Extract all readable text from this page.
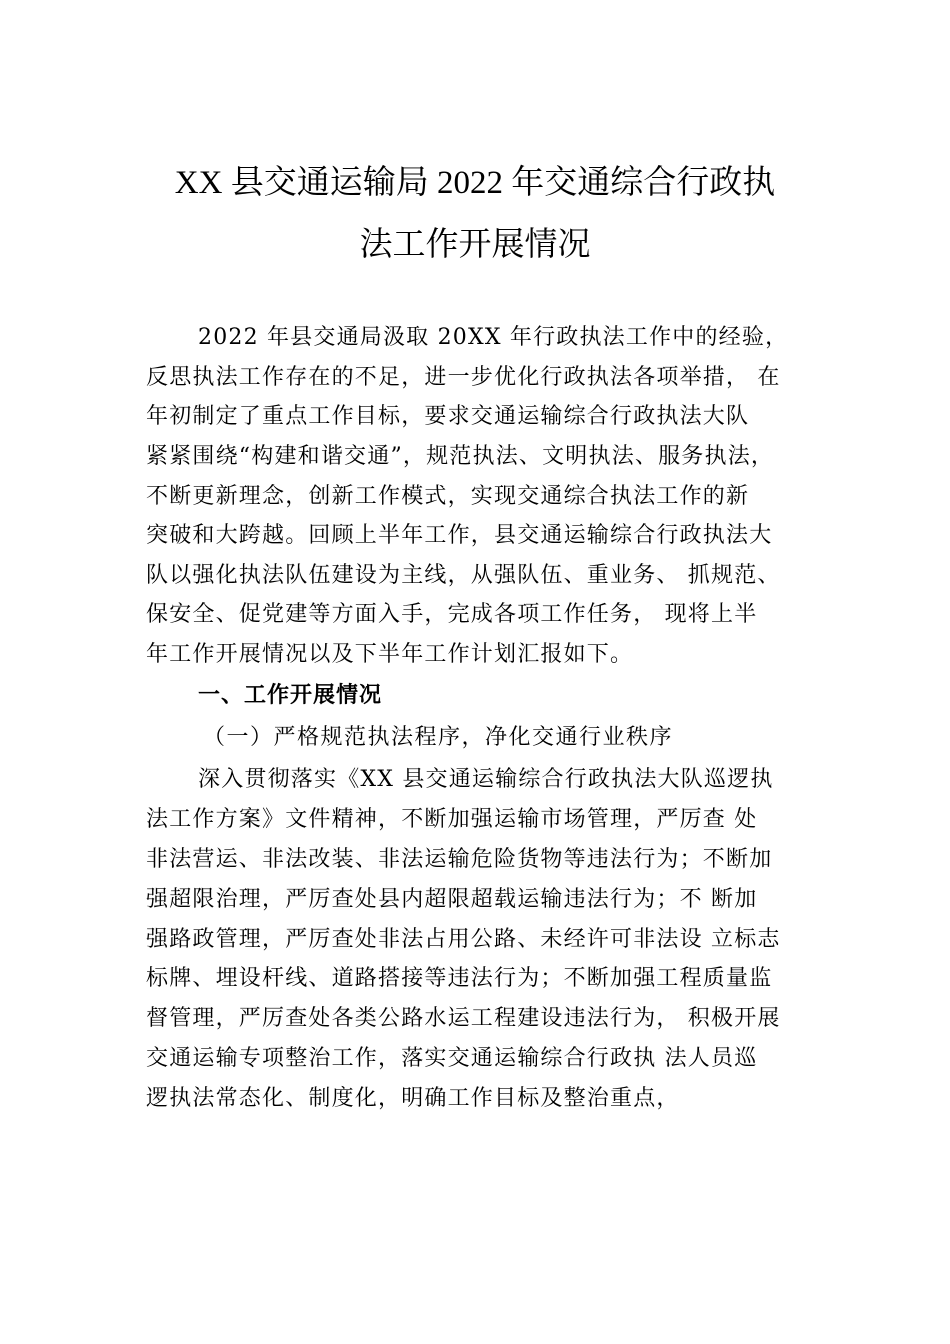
XX 县交通运输局 2022 年交通综合行政执
法工作开展情况
2022 年县交通局汲取 20XX 年行政执法工作中的经验，
反思执法工作存在的不足，进一步优化行政执法各项举措， 在
年初制定了重点工作目标，要求交通运输综合行政执法大队
紧紧围绕“构建和谐交通”，规范执法、文明执法、服务执法，
不断更新理念，创新工作模式，实现交通综合执法工作的新
突破和大跨越。回顾上半年工作，县交通运输综合行政执法大
队以强化执法队伍建设为主线，从强队伍、重业务、 抓规范、
保安全、促党建等方面入手，完成各项工作任务， 现将上半
年工作开展情况以及下半年工作计划汇报如下。
一、工作开展情况
（一）严格规范执法程序，净化交通行业秩序
深入贯彻落实《XX 县交通运输综合行政执法大队巡逻执
法工作方案》文件精神，不断加强运输市场管理，严厉查 处
非法营运、非法改装、非法运输危险货物等违法行为；不断加
强超限治理，严厉查处县内超限超载运输违法行为；不 断加
强路政管理，严厉查处非法占用公路、未经许可非法设 立标志
标牌、埋设杆线、道路搭接等违法行为；不断加强工程质量监
督管理，严厉查处各类公路水运工程建设违法行为， 积极开展
交通运输专项整治工作，落实交通运输综合行政执 法人员巡
逻执法常态化、制度化，明确工作目标及整治重点，
